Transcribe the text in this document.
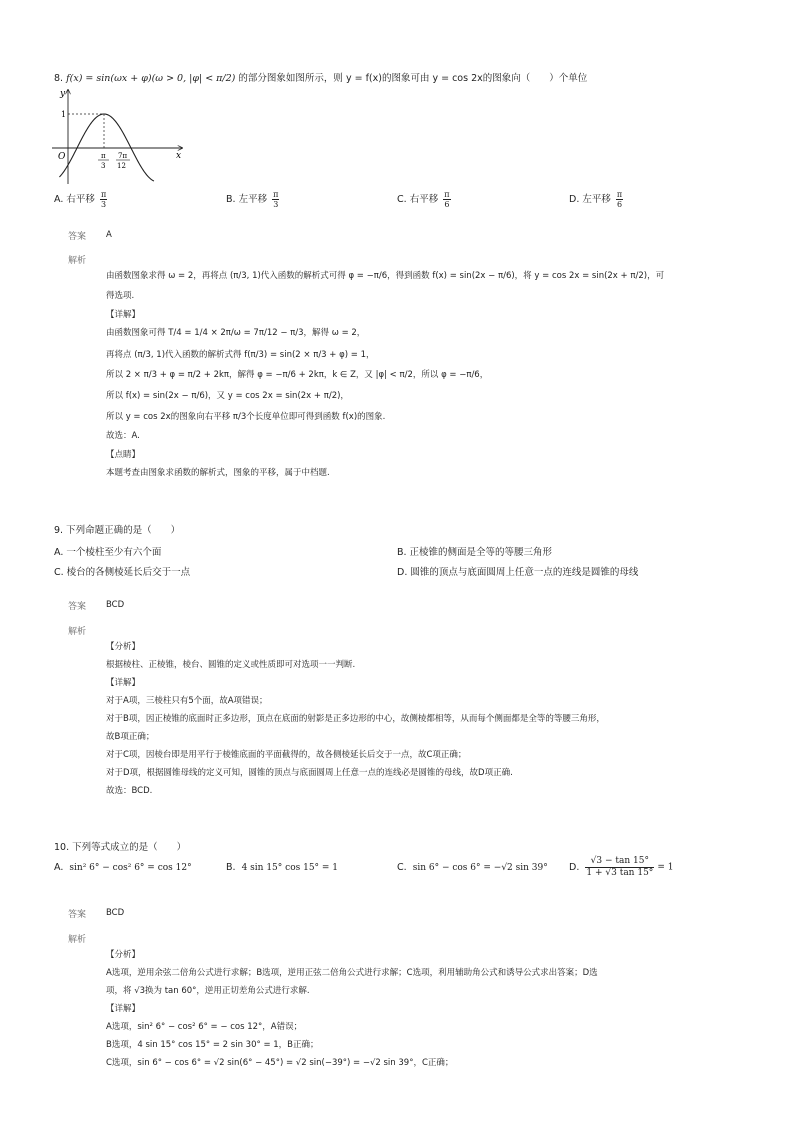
8. f(x) = sin(ωx + φ)(ω > 0, |φ| < π/2) 的部分图象如图所示，则 y = f(x)的图象可由 y = cos 2x的图象向（　　）个单位
y
x
O
1
π
3
7π
12
A. 右平移 $\frac{\pi}{3}$	B. 左平移 $\frac{\pi}{3}$	C. 右平移 $\frac{\pi}{6}$	D. 左平移 $\frac{\pi}{6}$
答案 A
解析
由函数图象求得 ω = 2，再将点 (π/3, 1)代入函数的解析式可得 φ = −π/6，得到函数 f(x) = sin(2x − π/6)，将 y = cos 2x = sin(2x + π/2)，可
得选项.
【详解】
由函数图象可得 T/4 = 1/4 × 2π/ω = 7π/12 − π/3，解得 ω = 2，
再将点 (π/3, 1)代入函数的解析式得 f(π/3) = sin(2 × π/3 + φ) = 1，
所以 2 × π/3 + φ = π/2 + 2kπ，解得 φ = −π/6 + 2kπ，k ∈ Z，又 |φ| < π/2，所以 φ = −π/6，
所以 f(x) = sin(2x − π/6)，又 y = cos 2x = sin(2x + π/2)，
所以 y = cos 2x的图象向右平移 π/3个长度单位即可得到函数 f(x)的图象.
故选：A.
【点睛】
本题考查由图象求函数的解析式，图象的平移，属于中档题.
9. 下列命题正确的是（　　）
A. 一个棱柱至少有六个面	B. 正棱锥的侧面是全等的等腰三角形
C. 棱台的各侧棱延长后交于一点	D. 圆锥的顶点与底面圆周上任意一点的连线是圆锥的母线
答案 BCD
解析
【分析】
根据棱柱、正棱锥，棱台、圆锥的定义或性质即可对选项一一判断.
【详解】
对于A项，三棱柱只有5个面，故A项错误；
对于B项，因正棱锥的底面时正多边形，顶点在底面的射影是正多边形的中心，故侧棱都相等，从而每个侧面都是全等的等腰三角形，
故B项正确；
对于C项，因棱台即是用平行于棱锥底面的平面截得的，故各侧棱延长后交于一点，故C项正确；
对于D项，根据圆锥母线的定义可知，圆锥的顶点与底面圆周上任意一点的连线必是圆锥的母线，故D项正确.
故选：BCD.
10. 下列等式成立的是（　　）
A. sin² 6° − cos² 6° = cos 12°	B. 4 sin 15° cos 15° = 1	C. sin 6° − cos 6° = −√2 sin 39° D. $\frac{√3 - \tan 15^\circ}{1 + √3 \tan 15^\circ} = 1$
答案 BCD
解析
【分析】
A选项，逆用余弦二倍角公式进行求解；B选项，逆用正弦二倍角公式进行求解；C选项，利用辅助角公式和诱导公式求出答案；D选
项，将 √3换为 tan 60°，逆用正切差角公式进行求解.
【详解】
A选项，sin² 6° − cos² 6° = − cos 12°，A错误；
B选项，4 sin 15° cos 15° = 2 sin 30° = 1，B正确；
C选项，sin 6° − cos 6° = √2 sin(6° − 45°) = √2 sin(−39°) = −√2 sin 39°，C正确；
